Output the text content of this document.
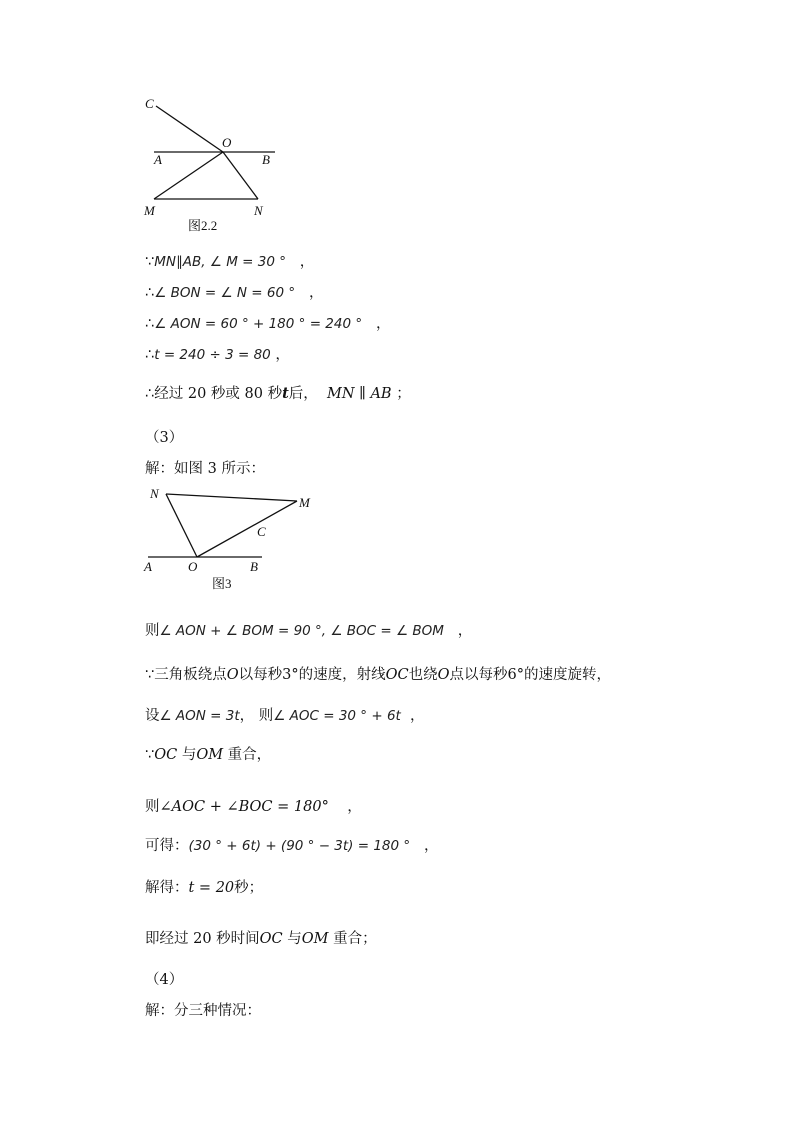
C
O
A	B
M	N
图2.2
∵MN∥AB, ∠ M = 30 ° ，
∴∠ BON = ∠ N = 60 ° ，
∴∠ AON = 60 ° + 180 ° = 240 ° ，
∴t = 240 ÷ 3 = 80 ，
∴经过 20 秒或 80 秒t后， MN ∥ AB ；
（3）
解：如图 3 所示：
N
M
C
A	O	B
图3
则∠ AON + ∠ BOM = 90 °, ∠ BOC = ∠ BOM ，
∵三角板绕点O以每秒3°的速度，射线OC也绕O点以每秒6°的速度旋转，
设∠ AON = 3t， 则∠ AOC = 30 ° + 6t ，
∵OC 与OM 重合，
则∠AOC + ∠BOC = 180° ，
可得：(30 ° + 6t) + (90 ° − 3t) = 180 ° ，
解得：t = 20秒；
即经过 20 秒时间OC 与OM 重合；
（4）
解：分三种情况：
